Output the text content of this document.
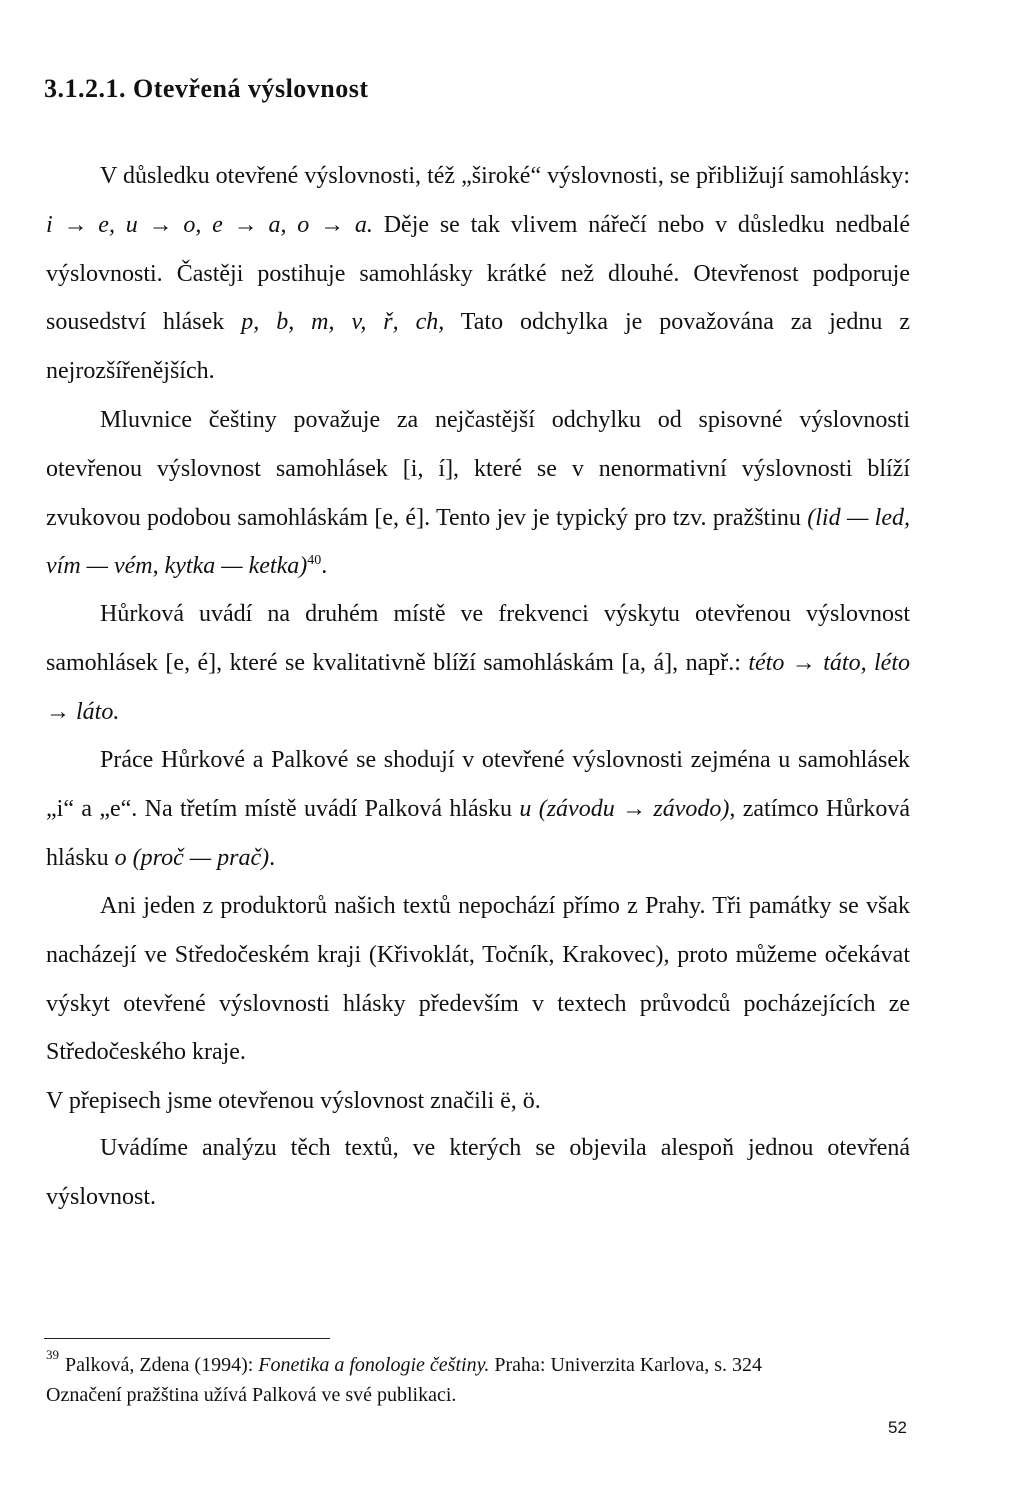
3.1.2.1. Otevřená výslovnost

V důsledku otevřené výslovnosti, též „široké“ výslovnosti, se přibližují samohlásky: i → e, u → o, e → a, o → a. Děje se tak vlivem nářečí nebo v důsledku nedbalé výslovnosti. Častěji postihuje samohlásky krátké než dlouhé. Otevřenost podporuje sousedství hlásek p, b, m, v, ř, ch, Tato odchylka je považována za jednu z nejrozšířenějších.

Mluvnice češtiny považuje za nejčastější odchylku od spisovné výslovnosti otevřenou výslovnost samohlásek [i, í], které se v nenormativní výslovnosti blíží zvukovou podobou samohláskám [e, é]. Tento jev je typický pro tzv. pražštinu (lid — led, vím — vém, kytka — ketka)$^{40}$.

Hůrková uvádí na druhém místě ve frekvenci výskytu otevřenou výslovnost samohlásek [e, é], které se kvalitativně blíží samohláskám [a, á], např.: této → táto, léto → láto.

Práce Hůrkové a Palkové se shodují v otevřené výslovnosti zejména u samohlásek „i“ a „e“. Na třetím místě uvádí Palková hlásku u (závodu → závodo), zatímco Hůrková hlásku o (proč — prač).

Ani jeden z produktorů našich textů nepochází přímo z Prahy. Tři památky se však nacházejí ve Středočeském kraji (Křivoklát, Točník, Krakovec), proto můžeme očekávat výskyt otevřené výslovnosti hlásky především v textech průvodců pocházejících ze Středočeského kraje.
V přepisech jsme otevřenou výslovnost značili ë, ö.

Uvádíme analýzu těch textů, ve kterých se objevila alespoň jednou otevřená výslovnost.

$^{39}$ Palková, Zdena (1994): Fonetika a fonologie češtiny. Praha: Univerzita Karlova, s. 324

Označení pražština užívá Palková ve své publikaci.

52
